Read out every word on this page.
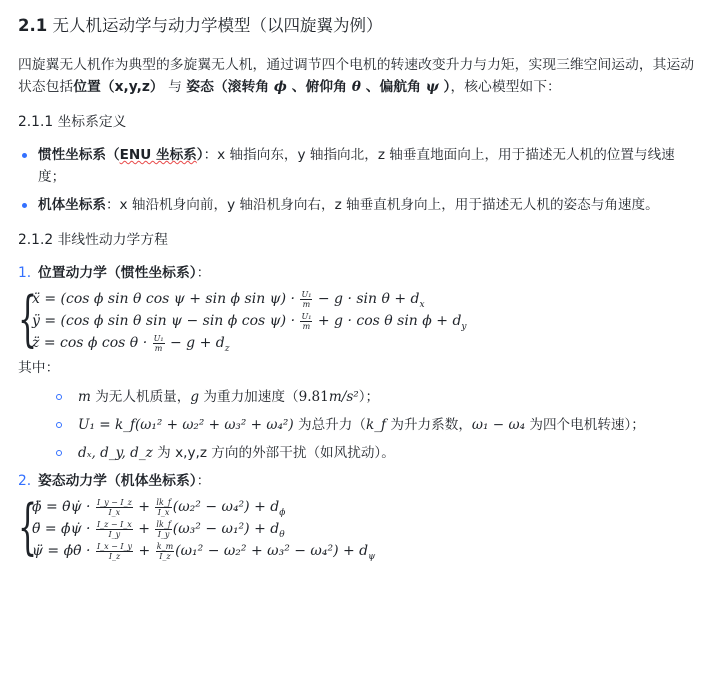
2.1 无人机运动学与动力学模型（以四旋翼为例）

四旋翼无人机作为典型的多旋翼无人机，通过调节四个电机的转速改变升力与力矩，实现三维空间运动，其运动状态包括位置（x,y,z） 与 姿态（滚转角 ϕ 、俯仰角 θ 、偏航角 ψ ），核心模型如下：

2.1.1 坐标系定义
惯性坐标系（ENU 坐标系）：x 轴指向东，y 轴指向北，z 轴垂直地面向上，用于描述无人机的位置与线速度；
机体坐标系：x 轴沿机身向前，y 轴沿机身向右，z 轴垂直机身向上，用于描述无人机的姿态与角速度。
2.1.2 非线性动力学方程
1. 位置动力学（惯性坐标系）：
{
ẍ = (cos ϕ sin θ cos ψ + sin ϕ $\sin \psi) \cdot \frac{\text{U₁}}{m} - g \cdot \sin \theta + d_x$
ÿ = (cos ϕ sin θ sin ψ − sin ϕ $\cos \psi) \cdot \frac{\text{U₁}}{m} + g \cdot \cos \theta$ $\sin \phi + d_y$
z̈ = cos ϕ $\cos \theta \cdot \frac{\text{U₁}}{m} - g + d_z$

其中：

m 为无人机质量，g 为重力加速度（9.81m/s²）；
U₁ = k_f(ω₁² + ω₂² + ω₃² + ω₄²) 为总升力（k_f 为升力系数，ω₁ − ω₄ 为四个电机转速）；
dₓ, d_y, d_z 为 x,y,z 方向的外部干扰（如风扰动）。
2. 姿态动力学（机体坐标系）：
{
ϕ̈ = θ̇ψ̇ · $\frac{I\_y - I\_z}{I\_x} + \frac{lk\_f}{I\_x} (\omega_2^2 - \omega_4^2) + d_\phi$
θ̈ = ϕ̇ψ̇ · $\frac{I\_z - I\_x}{I\_y} + \frac{lk\_f}{I\_y} (\omega_3^2 - \omega_1^2) + d_\theta$
ψ̈ = ϕ̇θ̇ · $\frac{I\_x - I\_y}{I\_z} + \frac{k\_m}{I\_z} (\omega_1^2 - \omega_2^2 + \omega_3^2 - \omega_4^2) + d_\psi$
